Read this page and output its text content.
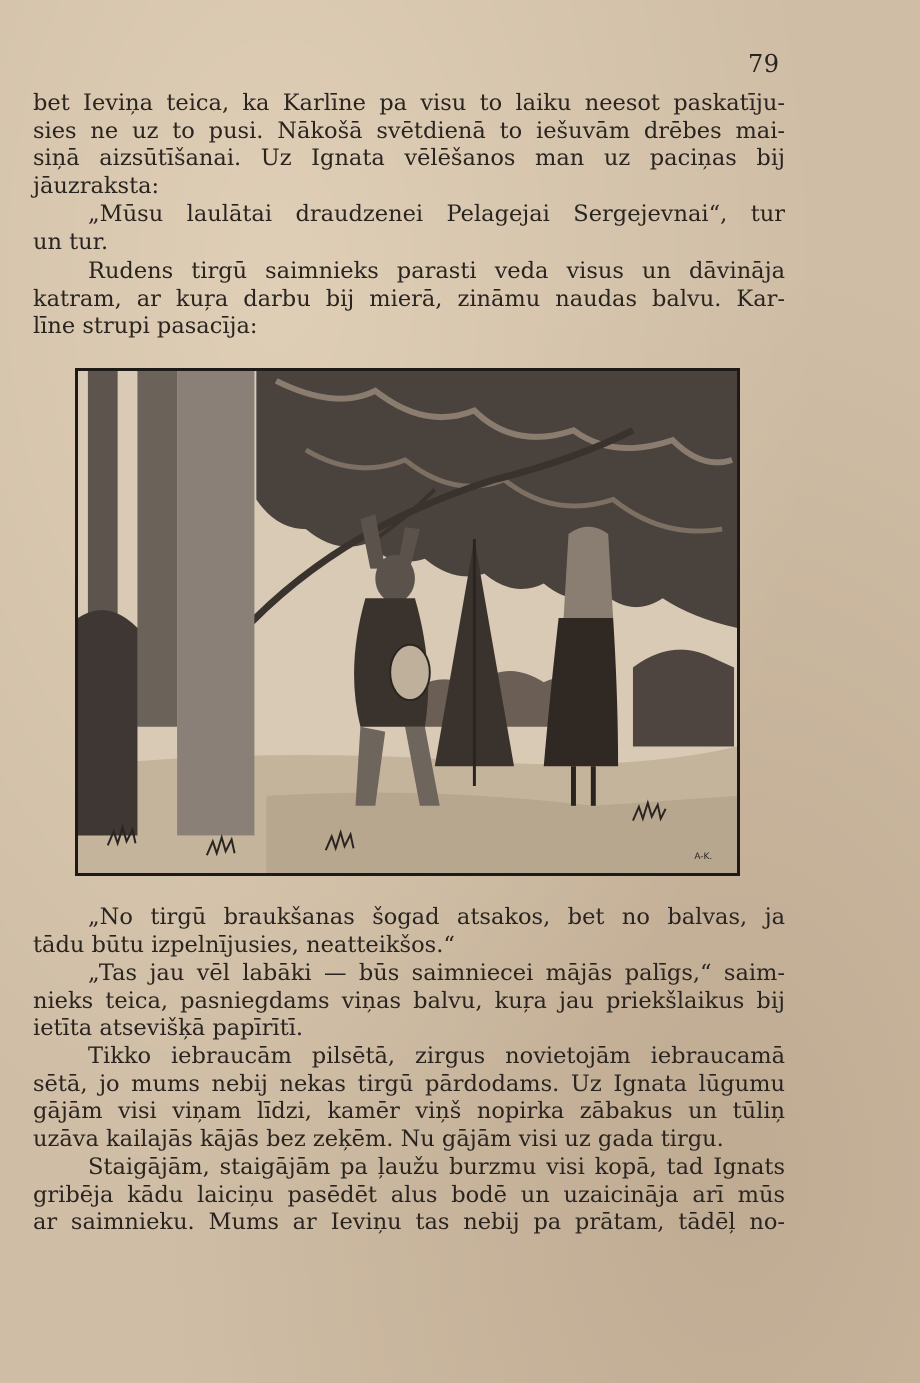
79

bet Ieviņa teica, ka Karlīne pa visu to laiku neesot paskatīju-
sies ne uz to pusi. Nākošā svētdienā to iešuvām drēbes mai-
siņā aizsūtīšanai. Uz Ignata vēlēšanos man uz paciņas bij
jāuzraksta:

„Mūsu laulātai draudzenei Pelagejai Sergejevnai“, tur
un tur.

Rudens tirgū saimnieks parasti veda visus un dāvināja
katram, ar kuŗa darbu bij mierā, zināmu naudas balvu. Kar-
līne strupi pasacīja:

A-K.

„No tirgū braukšanas šogad atsakos, bet no balvas, ja
tādu būtu izpelnījusies, neatteikšos.“

„Tas jau vēl labāki — būs saimniecei mājās palīgs,“ saim-
nieks teica, pasniegdams viņas balvu, kuŗa jau priekšlaikus bij
ietīta atsevišķā papīrītī.

Tikko iebraucām pilsētā, zirgus novietojām iebraucamā
sētā, jo mums nebij nekas tirgū pārdodams. Uz Ignata lūgumu
gājām visi viņam līdzi, kamēr viņš nopirka zābakus un tūliņ
uzāva kailajās kājās bez zeķēm. Nu gājām visi uz gada tirgu.

Staigājām, staigājām pa ļaužu burzmu visi kopā, tad Ignats
gribēja kādu laiciņu pasēdēt alus bodē un uzaicināja arī mūs
ar saimnieku. Mums ar Ieviņu tas nebij pa prātam, tādēļ no-
